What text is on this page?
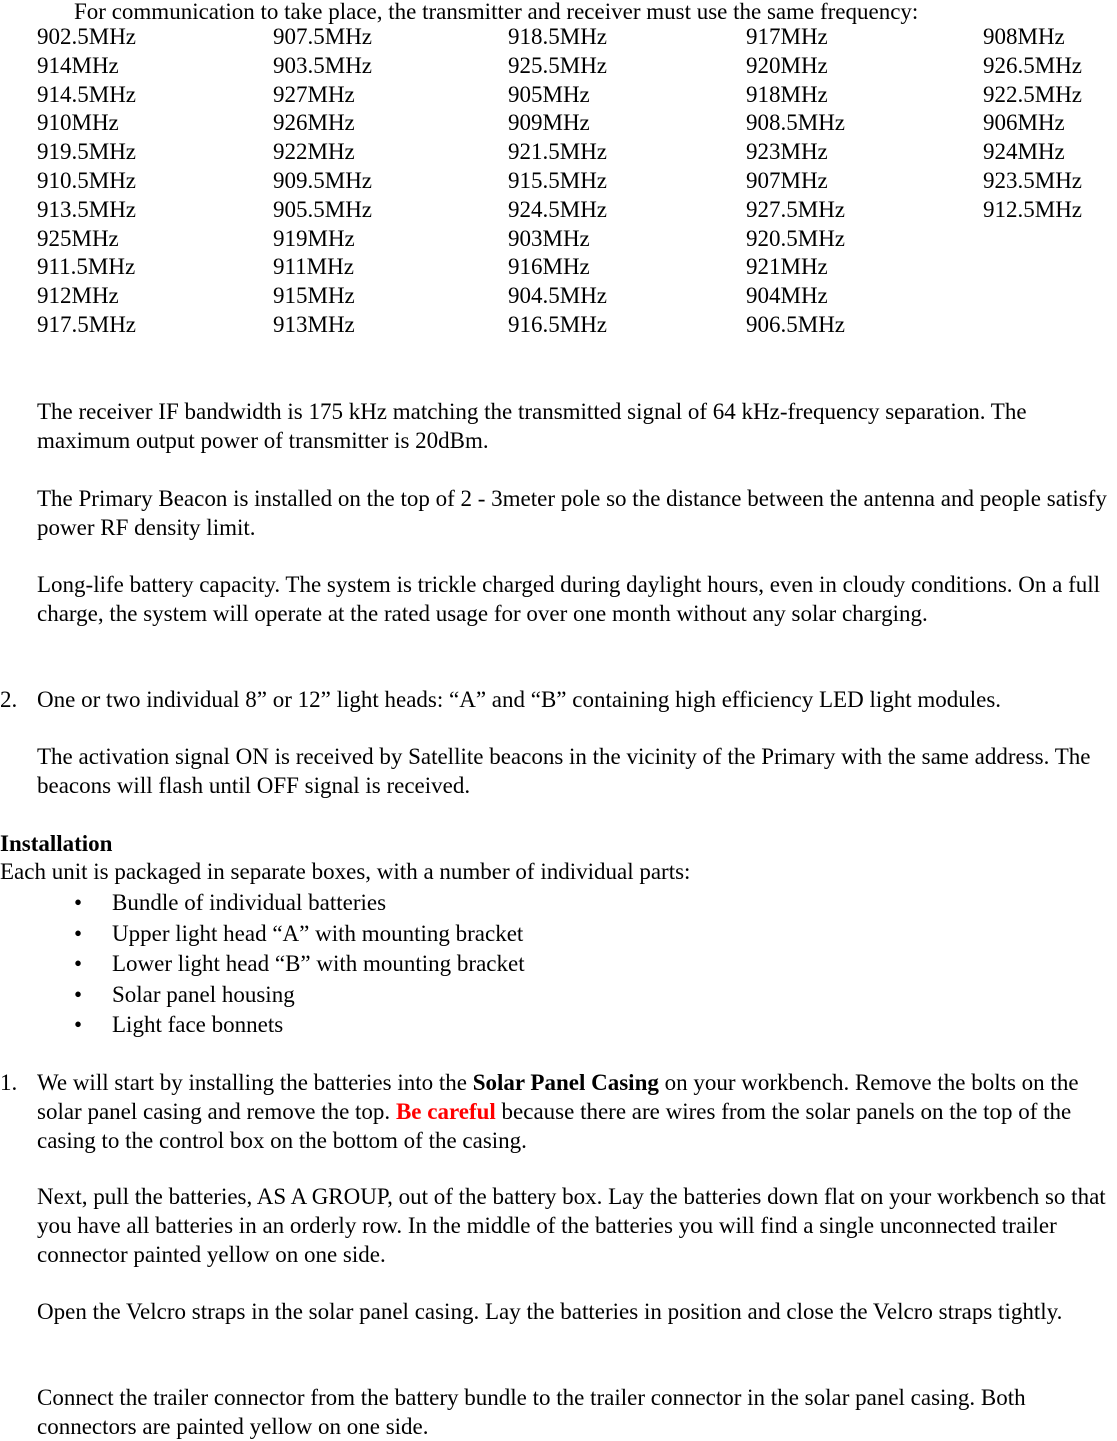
For communication to take place, the transmitter and receiver must use the same frequency:
902.5MHz	907.5MHz	918.5MHz	917MHz	908MHz
914MHz	903.5MHz	925.5MHz	920MHz	926.5MHz
914.5MHz	927MHz	905MHz	918MHz	922.5MHz
910MHz	926MHz	909MHz	908.5MHz	906MHz
919.5MHz	922MHz	921.5MHz	923MHz	924MHz
910.5MHz	909.5MHz	915.5MHz	907MHz	923.5MHz
913.5MHz	905.5MHz	924.5MHz	927.5MHz	912.5MHz
925MHz	919MHz	903MHz	920.5MHz
911.5MHz	911MHz	916MHz	921MHz
912MHz	915MHz	904.5MHz	904MHz
917.5MHz	913MHz	916.5MHz	906.5MHz

The receiver IF bandwidth is 175 kHz matching the transmitted signal of 64 kHz-frequency separation. The maximum output power of transmitter is 20dBm.

The Primary Beacon is installed on the top of 2 - 3meter pole so the distance between the antenna and people satisfy power RF density limit.

Long-life battery capacity. The system is trickle charged during daylight hours, even in cloudy conditions. On a full charge, the system will operate at the rated usage for over one month without any solar charging.

2. One or two individual 8” or 12” light heads: “A” and “B” containing high efficiency LED light modules.

The activation signal ON is received by Satellite beacons in the vicinity of the Primary with the same address. The beacons will flash until OFF signal is received.

Installation
Each unit is packaged in separate boxes, with a number of individual parts:
• Bundle of individual batteries
• Upper light head “A” with mounting bracket
• Lower light head “B” with mounting bracket
• Solar panel housing
• Light face bonnets
1. We will start by installing the batteries into the Solar Panel Casing on your workbench. Remove the bolts on the solar panel casing and remove the top. Be careful because there are wires from the solar panels on the top of the casing to the control box on the bottom of the casing.

Next, pull the batteries, AS A GROUP, out of the battery box. Lay the batteries down flat on your workbench so that you have all batteries in an orderly row. In the middle of the batteries you will find a single unconnected trailer connector painted yellow on one side.

Open the Velcro straps in the solar panel casing. Lay the batteries in position and close the Velcro straps tightly.

Connect the trailer connector from the battery bundle to the trailer connector in the solar panel casing. Both connectors are painted yellow on one side.
